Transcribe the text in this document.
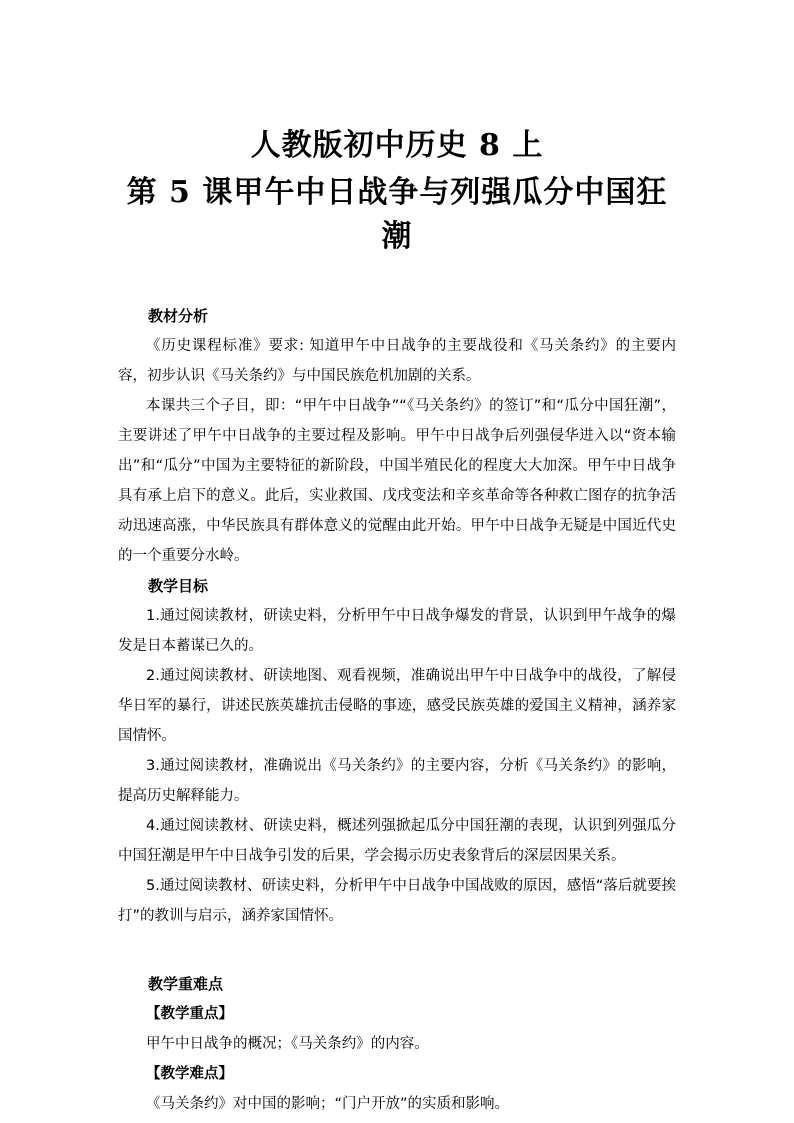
人教版初中历史 8 上
第 5 课甲午中日战争与列强瓜分中国狂潮
教材分析

《历史课程标准》要求: 知道甲午中日战争的主要战役和《马关条约》的主要内容，初步认识《马关条约》与中国民族危机加剧的关系。

本课共三个子目，即：“甲午中日战争”“《马关条约》的签订”和“瓜分中国狂潮”，主要讲述了甲午中日战争的主要过程及影响。甲午中日战争后列强侵华进入以“资本输出”和“瓜分”中国为主要特征的新阶段，中国半殖民化的程度大大加深。甲午中日战争具有承上启下的意义。此后，实业救国、戊戌变法和辛亥革命等各种救亡图存的抗争活动迅速高涨，中华民族具有群体意义的觉醒由此开始。甲午中日战争无疑是中国近代史的一个重要分水岭。

教学目标

1.通过阅读教材，研读史料，分析甲午中日战争爆发的背景，认识到甲午战争的爆发是日本蓄谋已久的。

2.通过阅读教材、研读地图、观看视频，准确说出甲午中日战争中的战役，了解侵华日军的暴行，讲述民族英雄抗击侵略的事迹，感受民族英雄的爱国主义精神，涵养家国情怀。

3.通过阅读教材，准确说出《马关条约》的主要内容，分析《马关条约》的影响，提高历史解释能力。

4.通过阅读教材、研读史料，概述列强掀起瓜分中国狂潮的表现，认识到列强瓜分中国狂潮是甲午中日战争引发的后果，学会揭示历史表象背后的深层因果关系。

5.通过阅读教材、研读史料，分析甲午中日战争中国战败的原因，感悟“落后就要挨打”的教训与启示，涵养家国情怀。

教学重难点

【教学重点】

甲午中日战争的概况；《马关条约》的内容。

【教学难点】

《马关条约》对中国的影响；“门户开放”的实质和影响。
